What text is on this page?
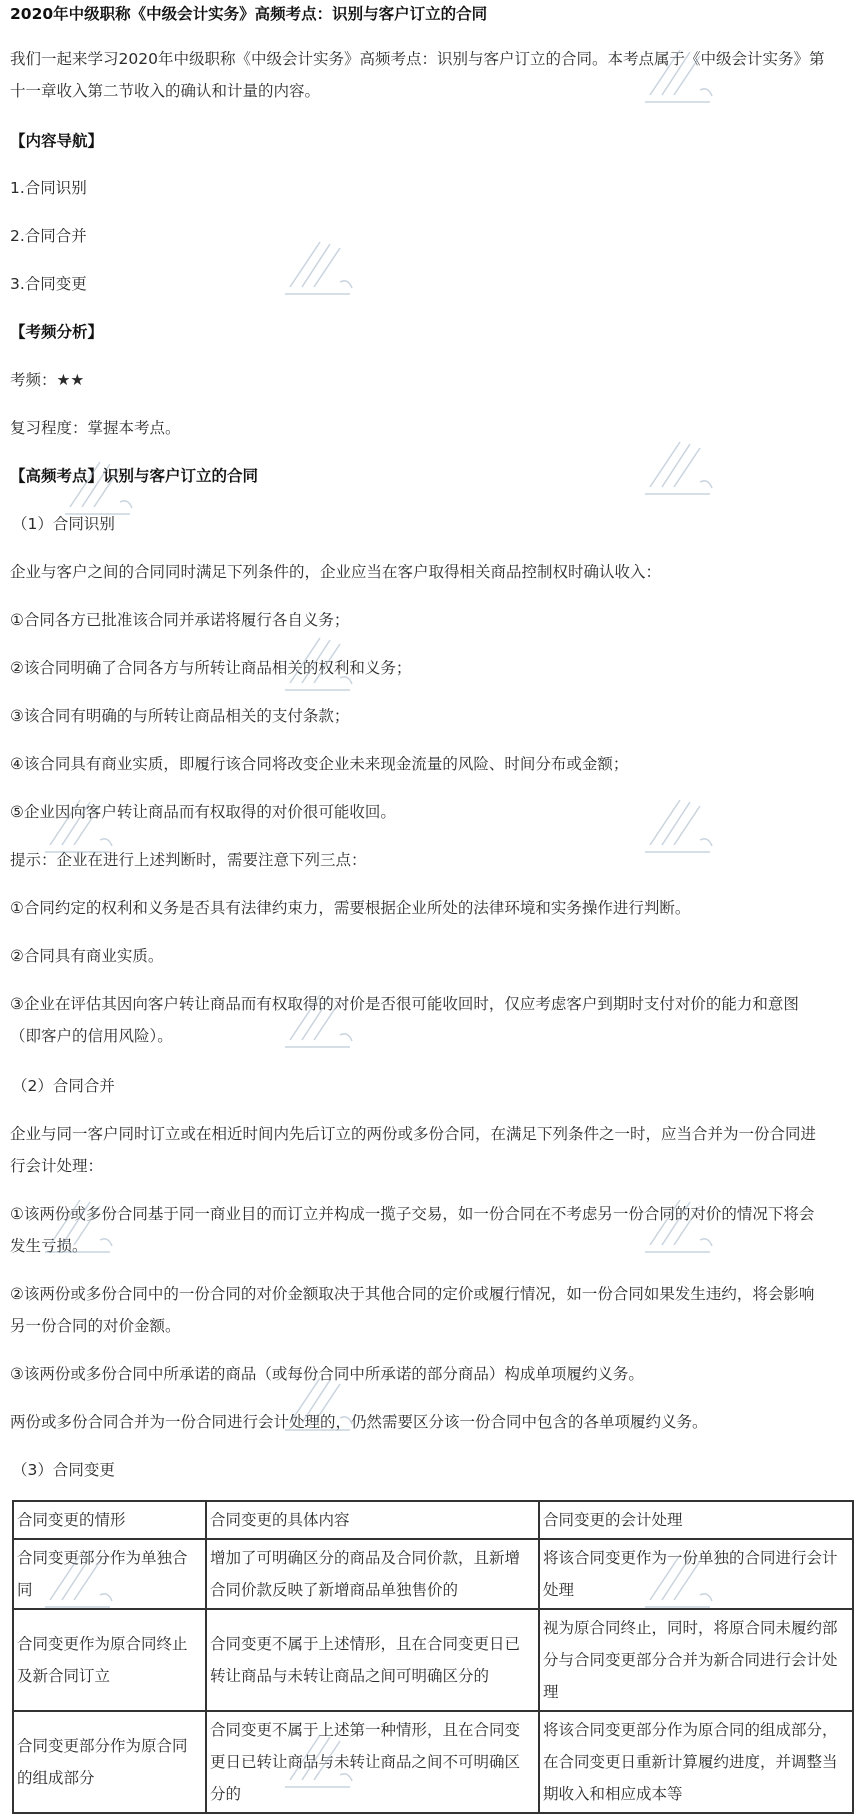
2020年中级职称《中级会计实务》高频考点：识别与客户订立的合同
我们一起来学习2020年中级职称《中级会计实务》高频考点：识别与客户订立的合同。本考点属于《中级会计实务》第
十一章收入第二节收入的确认和计量的内容。
【内容导航】
1.合同识别
2.合同合并
3.合同变更
【考频分析】
考频：★★
复习程度：掌握本考点。
【高频考点】识别与客户订立的合同
（1）合同识别
企业与客户之间的合同同时满足下列条件的，企业应当在客户取得相关商品控制权时确认收入：
①合同各方已批准该合同并承诺将履行各自义务；
②该合同明确了合同各方与所转让商品相关的权利和义务；
③该合同有明确的与所转让商品相关的支付条款；
④该合同具有商业实质，即履行该合同将改变企业未来现金流量的风险、时间分布或金额；
⑤企业因向客户转让商品而有权取得的对价很可能收回。
提示：企业在进行上述判断时，需要注意下列三点：
①合同约定的权利和义务是否具有法律约束力，需要根据企业所处的法律环境和实务操作进行判断。
②合同具有商业实质。
③企业在评估其因向客户转让商品而有权取得的对价是否很可能收回时，仅应考虑客户到期时支付对价的能力和意图
（即客户的信用风险）。
（2）合同合并
企业与同一客户同时订立或在相近时间内先后订立的两份或多份合同，在满足下列条件之一时，应当合并为一份合同进
行会计处理：
①该两份或多份合同基于同一商业目的而订立并构成一揽子交易，如一份合同在不考虑另一份合同的对价的情况下将会
发生亏损。
②该两份或多份合同中的一份合同的对价金额取决于其他合同的定价或履行情况，如一份合同如果发生违约，将会影响
另一份合同的对价金额。
③该两份或多份合同中所承诺的商品（或每份合同中所承诺的部分商品）构成单项履约义务。
两份或多份合同合并为一份合同进行会计处理的，仍然需要区分该一份合同中包含的各单项履约义务。
（3）合同变更
合同变更的情形	合同变更的具体内容	合同变更的会计处理
合同变更部分作为单独合同	增加了可明确区分的商品及合同价款，且新增合同价款反映了新增商品单独售价的	将该合同变更作为一份单独的合同进行会计处理
合同变更作为原合同终止及新合同订立	合同变更不属于上述情形，且在合同变更日已转让商品与未转让商品之间可明确区分的	视为原合同终止，同时，将原合同未履约部分与合同变更部分合并为新合同进行会计处理
合同变更部分作为原合同的组成部分	合同变更不属于上述第一种情形，且在合同变更日已转让商品与未转让商品之间不可明确区分的	将该合同变更部分作为原合同的组成部分，在合同变更日重新计算履约进度，并调整当期收入和相应成本等
